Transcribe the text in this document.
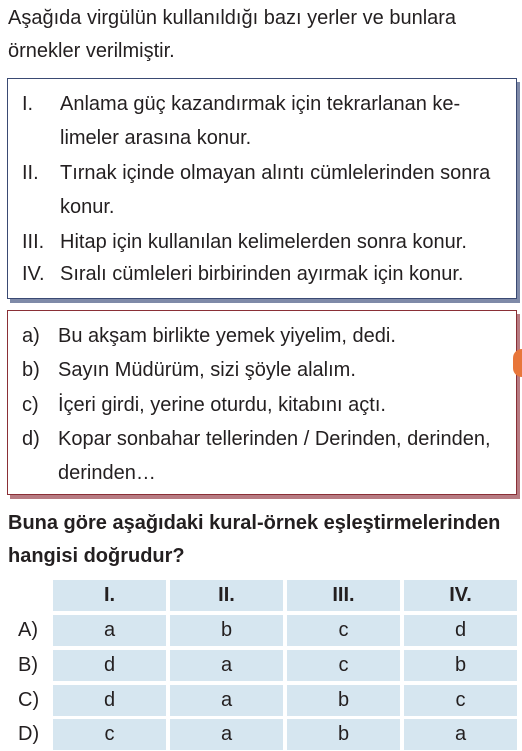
Aşağıda virgülün kullanıldığı bazı yerler ve bunlara örnekler verilmiştir.
I.	Anlama güç kazandırmak için tekrarlanan kelimeler arasına konur.
II.	Tırnak içinde olmayan alıntı cümlelerinden sonra konur.
III. Hitap için kullanılan kelimelerden sonra konur.
IV. Sıralı cümleleri birbirinden ayırmak için konur.
a) Bu akşam birlikte yemek yiyelim, dedi.
b) Sayın Müdürüm, sizi şöyle alalım.
c) İçeri girdi, yerine oturdu, kitabını açtı.
d) Kopar sonbahar tellerinden / Derinden, derinden, derinden…
Buna göre aşağıdaki kural-örnek eşleştirmelerinden hangisi doğrudur?
I.	II.	III.	IV.
A)	a	b	c	d
B)	d	a	c	b
C)	d	a	b	c
D)	c	a	b	a
